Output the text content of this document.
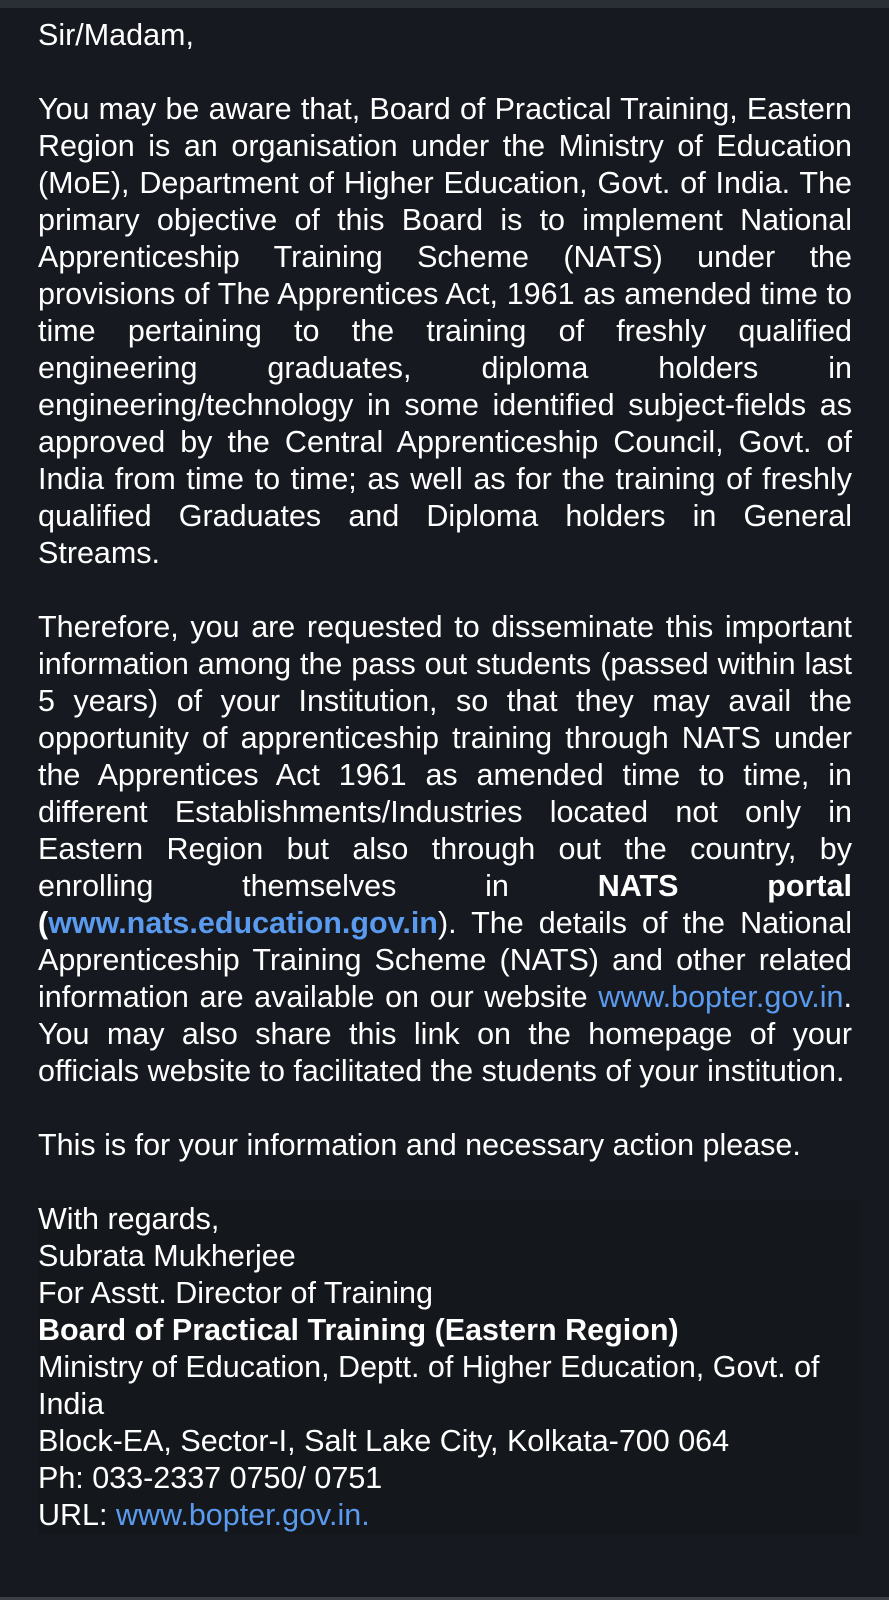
Sir/Madam,

You may be aware that, Board of Practical Training, Eastern Region is an organisation under the Ministry of Education (MoE), Department of Higher Education, Govt. of India. The primary objective of this Board is to implement National Apprenticeship Training Scheme (NATS) under the provisions of The Apprentices Act, 1961 as amended time to time pertaining to the training of freshly qualified engineering graduates, diploma holders in engineering/technology in some identified subject-fields as approved by the Central Apprenticeship Council, Govt. of India from time to time; as well as for the training of freshly qualified Graduates and Diploma holders in General Streams.

Therefore, you are requested to disseminate this important information among the pass out students (passed within last 5 years) of your Institution, so that they may avail the opportunity of apprenticeship training through NATS under the Apprentices Act 1961 as amended time to time, in different Establishments/Industries located not only in Eastern Region but also through out the country, by enrolling themselves in NATS portal (www.nats.education.gov.in). The details of the National Apprenticeship Training Scheme (NATS) and other related information are available on our website www.bopter.gov.in. You may also share this link on the homepage of your officials website to facilitated the students of your institution.

This is for your information and necessary action please.

With regards,
Subrata Mukherjee
For Asstt. Director of Training
Board of Practical Training (Eastern Region)
Ministry of Education, Deptt. of Higher Education, Govt. of India
Block-EA, Sector-I, Salt Lake City, Kolkata-700 064
Ph: 033-2337 0750/ 0751
URL: www.bopter.gov.in.
